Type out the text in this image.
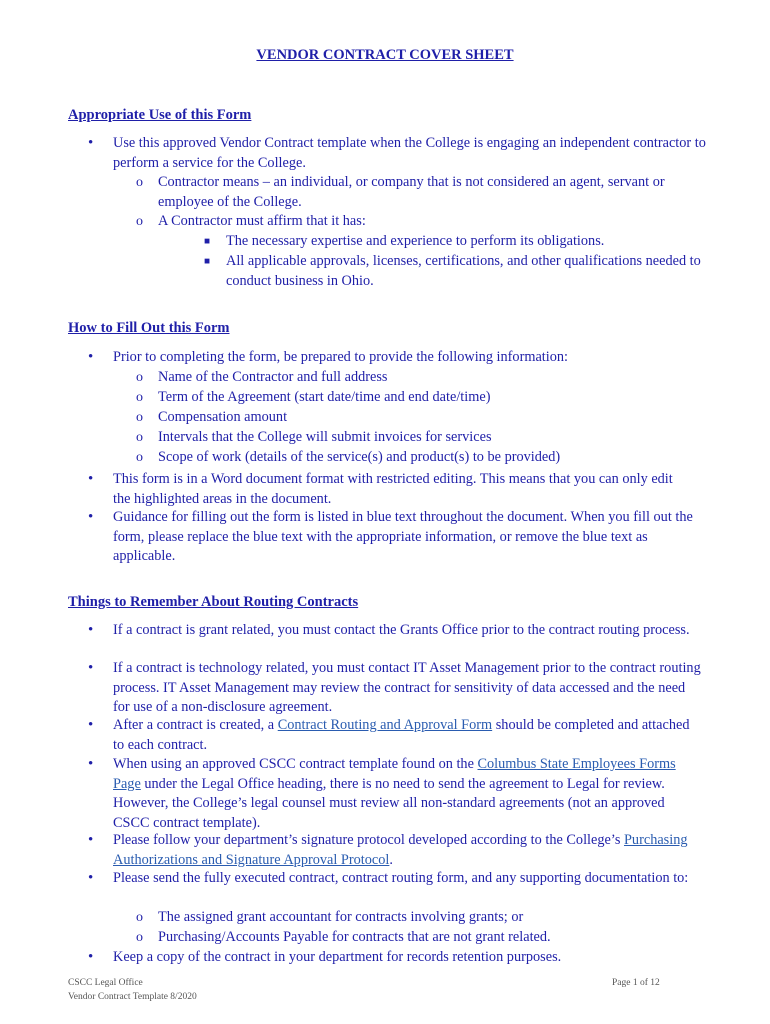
VENDOR CONTRACT COVER SHEET
Appropriate Use of this Form
• Use this approved Vendor Contract template when the College is engaging an independent contractor to perform a service for the College.
o Contractor means – an individual, or company that is not considered an agent, servant or employee of the College.
o A Contractor must affirm that it has:
■ The necessary expertise and experience to perform its obligations.
■ All applicable approvals, licenses, certifications, and other qualifications needed to conduct business in Ohio.
How to Fill Out this Form
• Prior to completing the form, be prepared to provide the following information:
o Name of the Contractor and full address
o Term of the Agreement (start date/time and end date/time)
o Compensation amount
o Intervals that the College will submit invoices for services
o Scope of work (details of the service(s) and product(s) to be provided)
• This form is in a Word document format with restricted editing. This means that you can only edit the highlighted areas in the document.
• Guidance for filling out the form is listed in blue text throughout the document. When you fill out the form, please replace the blue text with the appropriate information, or remove the blue text as applicable.
Things to Remember About Routing Contracts
• If a contract is grant related, you must contact the Grants Office prior to the contract routing process.
• If a contract is technology related, you must contact IT Asset Management prior to the contract routing process. IT Asset Management may review the contract for sensitivity of data accessed and the need for use of a non-disclosure agreement.
• After a contract is created, a Contract Routing and Approval Form should be completed and attached to each contract.
• When using an approved CSCC contract template found on the Columbus State Employees Forms Page under the Legal Office heading, there is no need to send the agreement to Legal for review. However, the College’s legal counsel must review all non-standard agreements (not an approved CSCC contract template).
• Please follow your department’s signature protocol developed according to the College’s Purchasing Authorizations and Signature Approval Protocol.
• Please send the fully executed contract, contract routing form, and any supporting documentation to:
o The assigned grant accountant for contracts involving grants; or
o Purchasing/Accounts Payable for contracts that are not grant related.
• Keep a copy of the contract in your department for records retention purposes.
CSCC Legal Office
Vendor Contract Template 8/2020
Page 1 of 12
